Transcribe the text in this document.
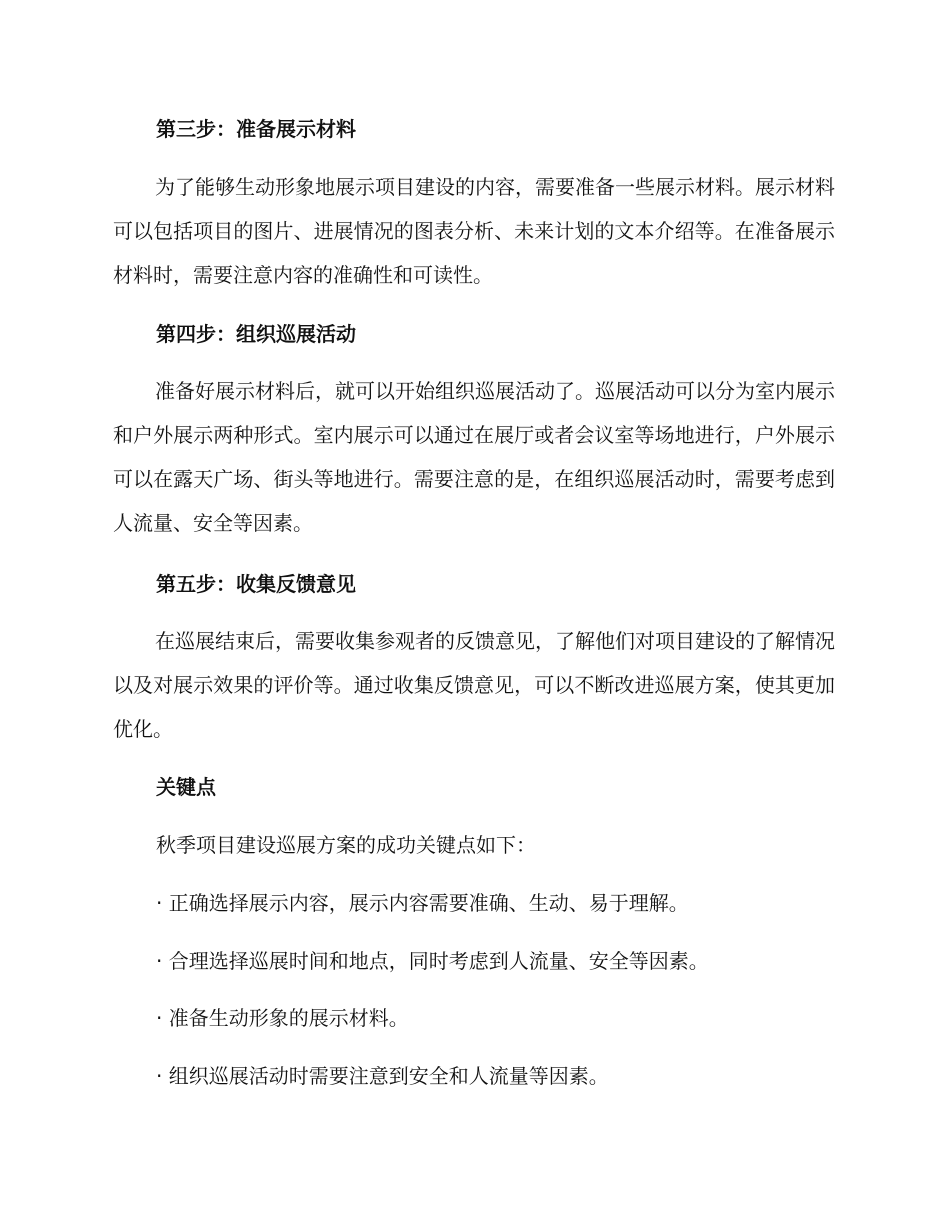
第三步：准备展示材料
为了能够生动形象地展示项目建设的内容，需要准备一些展示材料。展示材料可以包括项目的图片、进展情况的图表分析、未来计划的文本介绍等。在准备展示材料时，需要注意内容的准确性和可读性。
第四步：组织巡展活动
准备好展示材料后，就可以开始组织巡展活动了。巡展活动可以分为室内展示和户外展示两种形式。室内展示可以通过在展厅或者会议室等场地进行，户外展示可以在露天广场、街头等地进行。需要注意的是，在组织巡展活动时，需要考虑到人流量、安全等因素。
第五步：收集反馈意见
在巡展结束后，需要收集参观者的反馈意见，了解他们对项目建设的了解情况以及对展示效果的评价等。通过收集反馈意见，可以不断改进巡展方案，使其更加优化。
关键点
秋季项目建设巡展方案的成功关键点如下：
· 正确选择展示内容，展示内容需要准确、生动、易于理解。
· 合理选择巡展时间和地点，同时考虑到人流量、安全等因素。
· 准备生动形象的展示材料。
· 组织巡展活动时需要注意到安全和人流量等因素。
